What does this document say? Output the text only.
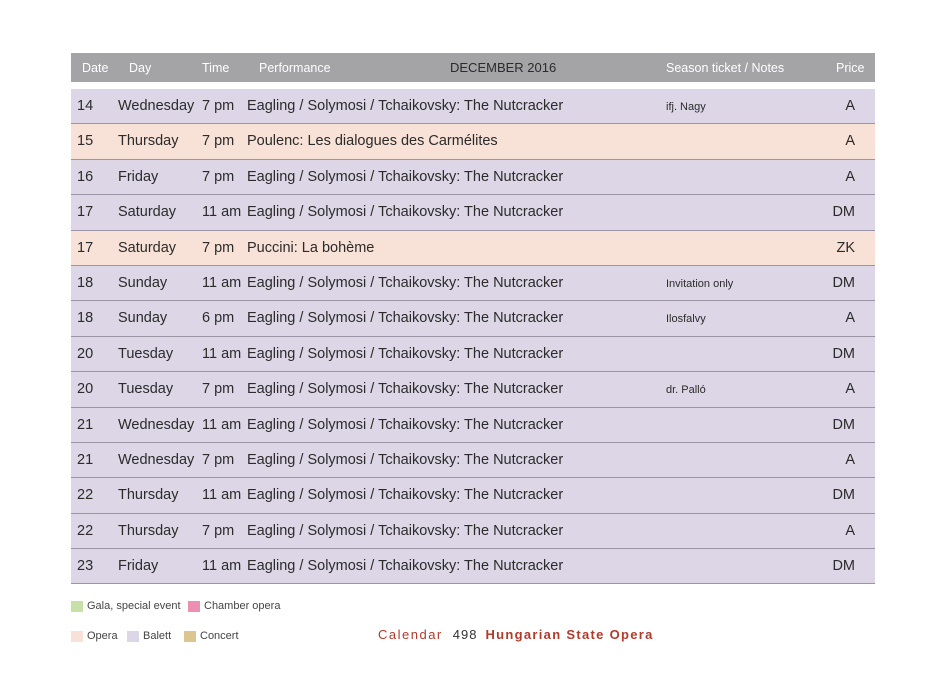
Date Day	Time Performance	DECEMBER 2016	Season ticket / Notes	Price
14 Wednesday 7 pm Eagling / Solymosi / Tchaikovsky: The Nutcracker	ifj. Nagy	A
15 Thursday 7 pm Poulenc: Les dialogues des Carmélites	A
16 Friday	7 pm Eagling / Solymosi / Tchaikovsky: The Nutcracker	A
17 Saturday 11 am Eagling / Solymosi / Tchaikovsky: The Nutcracker	DM
17 Saturday 7 pm Puccini: La bohème	ZK
18 Sunday 11 am Eagling / Solymosi / Tchaikovsky: The Nutcracker	Invitation only	DM
18 Sunday 6 pm Eagling / Solymosi / Tchaikovsky: The Nutcracker	Ilosfalvy	A
20 Tuesday 11 am Eagling / Solymosi / Tchaikovsky: The Nutcracker	DM
20 Tuesday 7 pm Eagling / Solymosi / Tchaikovsky: The Nutcracker	dr. Palló	A
21 Wednesday 11 am Eagling / Solymosi / Tchaikovsky: The Nutcracker	DM
21 Wednesday 7 pm Eagling / Solymosi / Tchaikovsky: The Nutcracker	A
22 Thursday 11 am Eagling / Solymosi / Tchaikovsky: The Nutcracker	DM
22 Thursday 7 pm Eagling / Solymosi / Tchaikovsky: The Nutcracker	A
23 Friday	11 am Eagling / Solymosi / Tchaikovsky: The Nutcracker	DM
Gala, special event Chamber opera
Opera Balett	Concert	Calendar 498 Hungarian State Opera
